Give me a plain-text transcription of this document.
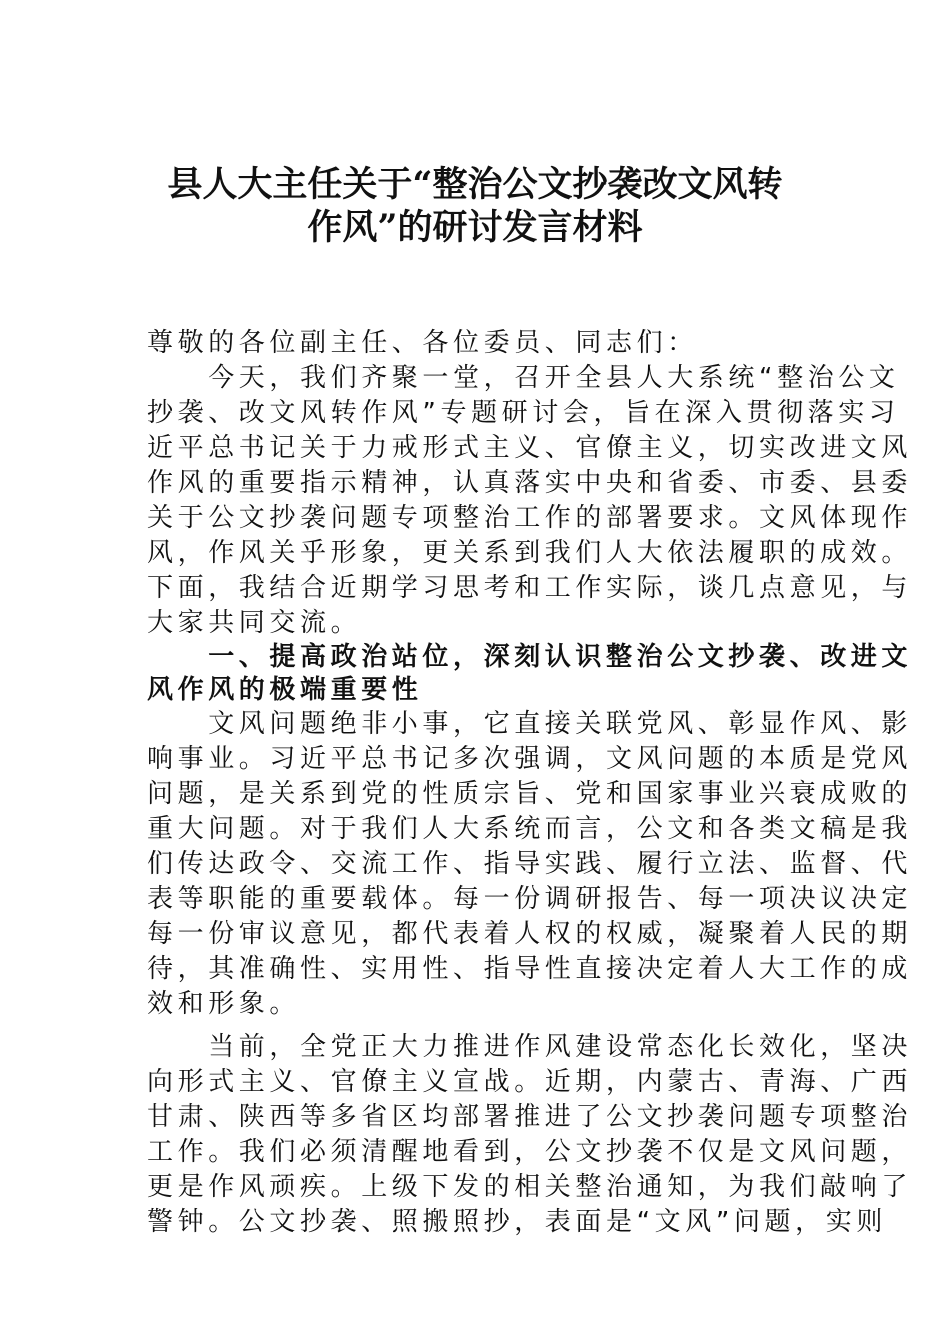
县人大主任关于“整治公文抄袭改文风转
作风”的研讨发言材料
尊敬的各位副主任、各位委员、同志们：
　　今天，我们齐聚一堂，召开全县人大系统“整治公文
抄袭、改文风转作风”专题研讨会，旨在深入贯彻落实习
近平总书记关于力戒形式主义、官僚主义，切实改进文风
作风的重要指示精神，认真落实中央和省委、市委、县委
关于公文抄袭问题专项整治工作的部署要求。文风体现作
风，作风关乎形象，更关系到我们人大依法履职的成效。
下面，我结合近期学习思考和工作实际，谈几点意见，与
大家共同交流。
　　一、提高政治站位，深刻认识整治公文抄袭、改进文
风作风的极端重要性
　　文风问题绝非小事，它直接关联党风、彰显作风、影
响事业。习近平总书记多次强调，文风问题的本质是党风
问题，是关系到党的性质宗旨、党和国家事业兴衰成败的
重大问题。对于我们人大系统而言，公文和各类文稿是我
们传达政令、交流工作、指导实践、履行立法、监督、代
表等职能的重要载体。每一份调研报告、每一项决议决定
每一份审议意见，都代表着人权的权威，凝聚着人民的期
待，其准确性、实用性、指导性直接决定着人大工作的成
效和形象。
　　当前，全党正大力推进作风建设常态化长效化，坚决
向形式主义、官僚主义宣战。近期，内蒙古、青海、广西
甘肃、陕西等多省区均部署推进了公文抄袭问题专项整治
工作。我们必须清醒地看到，公文抄袭不仅是文风问题，
更是作风顽疾。上级下发的相关整治通知，为我们敲响了
警钟。公文抄袭、照搬照抄，表面是“文风”问题，实则
